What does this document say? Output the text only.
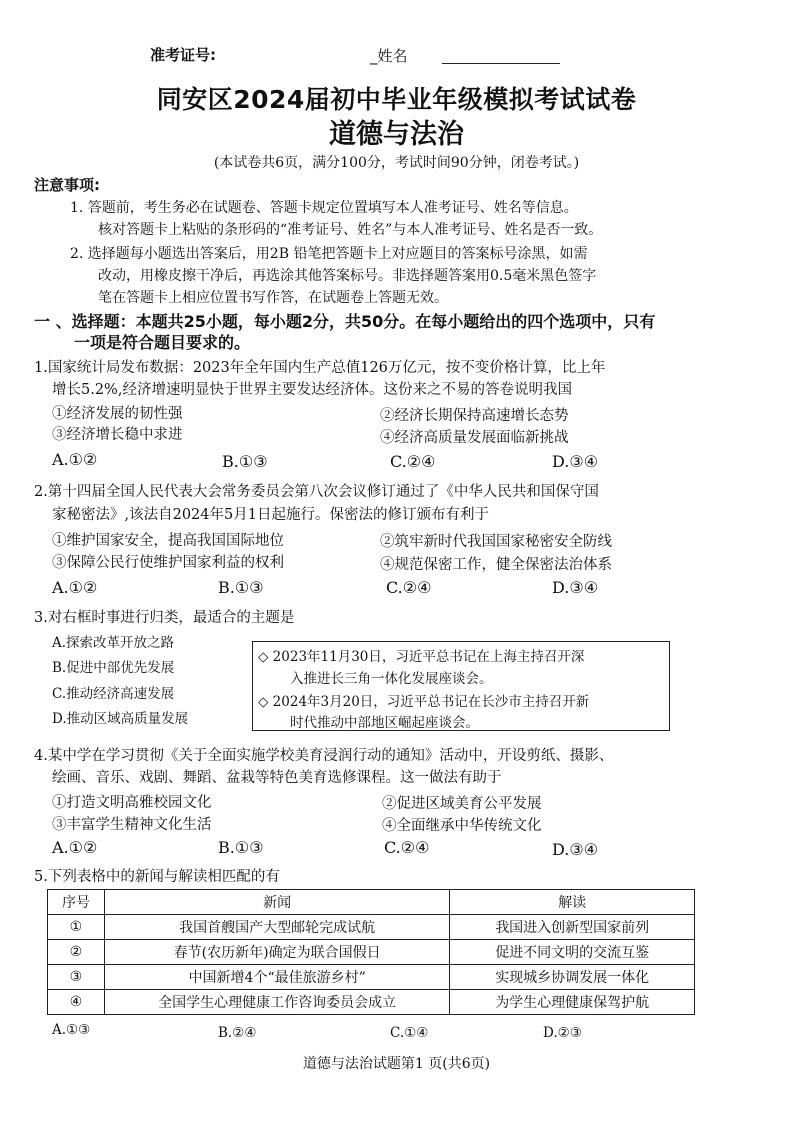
准考证号:	_姓名
同安区2024届初中毕业年级模拟考试试卷
道德与法治
(本试卷共6页，满分100分，考试时间90分钟，闭卷考试。)
注意事项:
1. 答题前，考生务必在试题卷、答题卡规定位置填写本人准考证号、姓名等信息。
核对答题卡上粘贴的条形码的“准考证号、姓名”与本人准考证号、姓名是否一致。
2. 选择题每小题选出答案后，用2B 铅笔把答题卡上对应题目的答案标号涂黑，如需
改动，用橡皮擦干净后，再选涂其他答案标号。非选择题答案用0.5毫米黑色签字
笔在答题卡上相应位置书写作答，在试题卷上答题无效。
一 、选择题：本题共25小题，每小题2分，共50分。在每小题给出的四个选项中，只有
一项是符合题目要求的。
1.国家统计局发布数据：2023年全年国内生产总值126万亿元，按不变价格计算，比上年
增长5.2%,经济增速明显快于世界主要发达经济体。这份来之不易的答卷说明我国
①经济发展的韧性强	②经济长期保持高速增长态势
③经济增长稳中求进	④经济高质量发展面临新挑战
A.①②	B.①③	C.②④	D.③④
2.第十四届全国人民代表大会常务委员会第八次会议修订通过了《中华人民共和国保守国
家秘密法》,该法自2024年5月1日起施行。保密法的修订颁布有利于
①维护国家安全，提高我国国际地位	②筑牢新时代我国国家秘密安全防线
③保障公民行使维护国家利益的权利	④规范保密工作，健全保密法治体系
A.①②	B.①③	C.②④	D.③④
3.对右框时事进行归类，最适合的主题是
A.探索改革开放之路
B.促进中部优先发展
C.推动经济高速发展
D.推动区域高质量发展
◇ 2023年11月30日，习近平总书记在上海主持召开深
入推进长三角一体化发展座谈会。
◇ 2024年3月20日，习近平总书记在长沙市主持召开新
时代推动中部地区崛起座谈会。
4.某中学在学习贯彻《关于全面实施学校美育浸润行动的通知》活动中，开设剪纸、摄影、
绘画、音乐、戏剧、舞蹈、盆栽等特色美育选修课程。这一做法有助于
①打造文明高雅校园文化	②促进区域美育公平发展
③丰富学生精神文化生活	④全面继承中华传统文化
A.①②	B.①③	C.②④	D.③④
5.下列表格中的新闻与解读相匹配的有
序号	新闻	解读
①	我国首艘国产大型邮轮完成试航	我国进入创新型国家前列
②	春节(农历新年)确定为联合国假日	促进不同文明的交流互鉴
③	中国新增4个“最佳旅游乡村”	实现城乡协调发展一体化
④	全国学生心理健康工作咨询委员会成立	为学生心理健康保驾护航
A.①③	B.②④	C.①④	D.②③
道德与法治试题第1 页(共6页)
